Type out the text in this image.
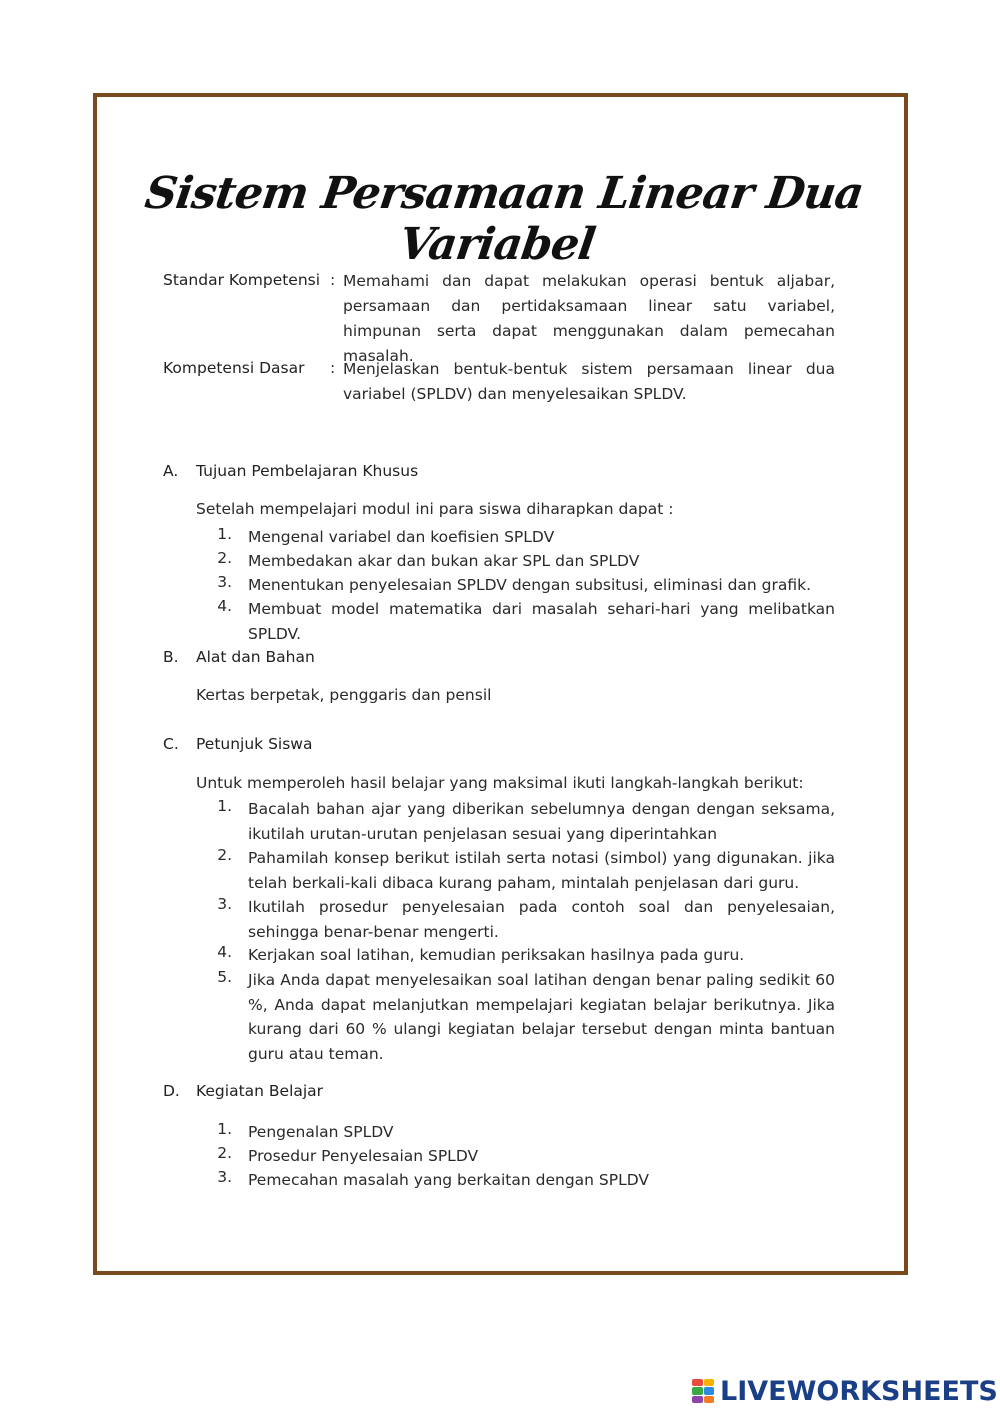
Sistem Persamaan Linear Dua Variabel
Standar Kompetensi : Memahami dan dapat melakukan operasi bentuk aljabar, persamaan dan pertidaksamaan linear satu variabel, himpunan serta dapat menggunakan dalam pemecahan masalah.
Kompetensi Dasar : Menjelaskan bentuk-bentuk sistem persamaan linear dua variabel (SPLDV) dan menyelesaikan SPLDV.
A. Tujuan Pembelajaran Khusus
Setelah mempelajari modul ini para siswa diharapkan dapat :
1. Mengenal variabel dan koefisien SPLDV
2. Membedakan akar dan bukan akar SPL dan SPLDV
3. Menentukan penyelesaian SPLDV dengan subsitusi, eliminasi dan grafik.
4. Membuat model matematika dari masalah sehari-hari yang melibatkan SPLDV.
B. Alat dan Bahan
Kertas berpetak, penggaris dan pensil
C. Petunjuk Siswa
Untuk memperoleh hasil belajar yang maksimal ikuti langkah-langkah berikut:
1. Bacalah bahan ajar yang diberikan sebelumnya dengan dengan seksama, ikutilah urutan-urutan penjelasan sesuai yang diperintahkan
2. Pahamilah konsep berikut istilah serta notasi (simbol) yang digunakan. jika telah berkali-kali dibaca kurang paham, mintalah penjelasan dari guru.
3. Ikutilah prosedur penyelesaian pada contoh soal dan penyelesaian, sehingga benar-benar mengerti.
4. Kerjakan soal latihan, kemudian periksakan hasilnya pada guru.
5. Jika Anda dapat menyelesaikan soal latihan dengan benar paling sedikit 60 %, Anda dapat melanjutkan mempelajari kegiatan belajar berikutnya. Jika kurang dari 60 % ulangi kegiatan belajar tersebut dengan minta bantuan guru atau teman.
D. Kegiatan Belajar
1. Pengenalan SPLDV
2. Prosedur Penyelesaian SPLDV
3. Pemecahan masalah yang berkaitan dengan SPLDV
LIVEWORKSHEETS
